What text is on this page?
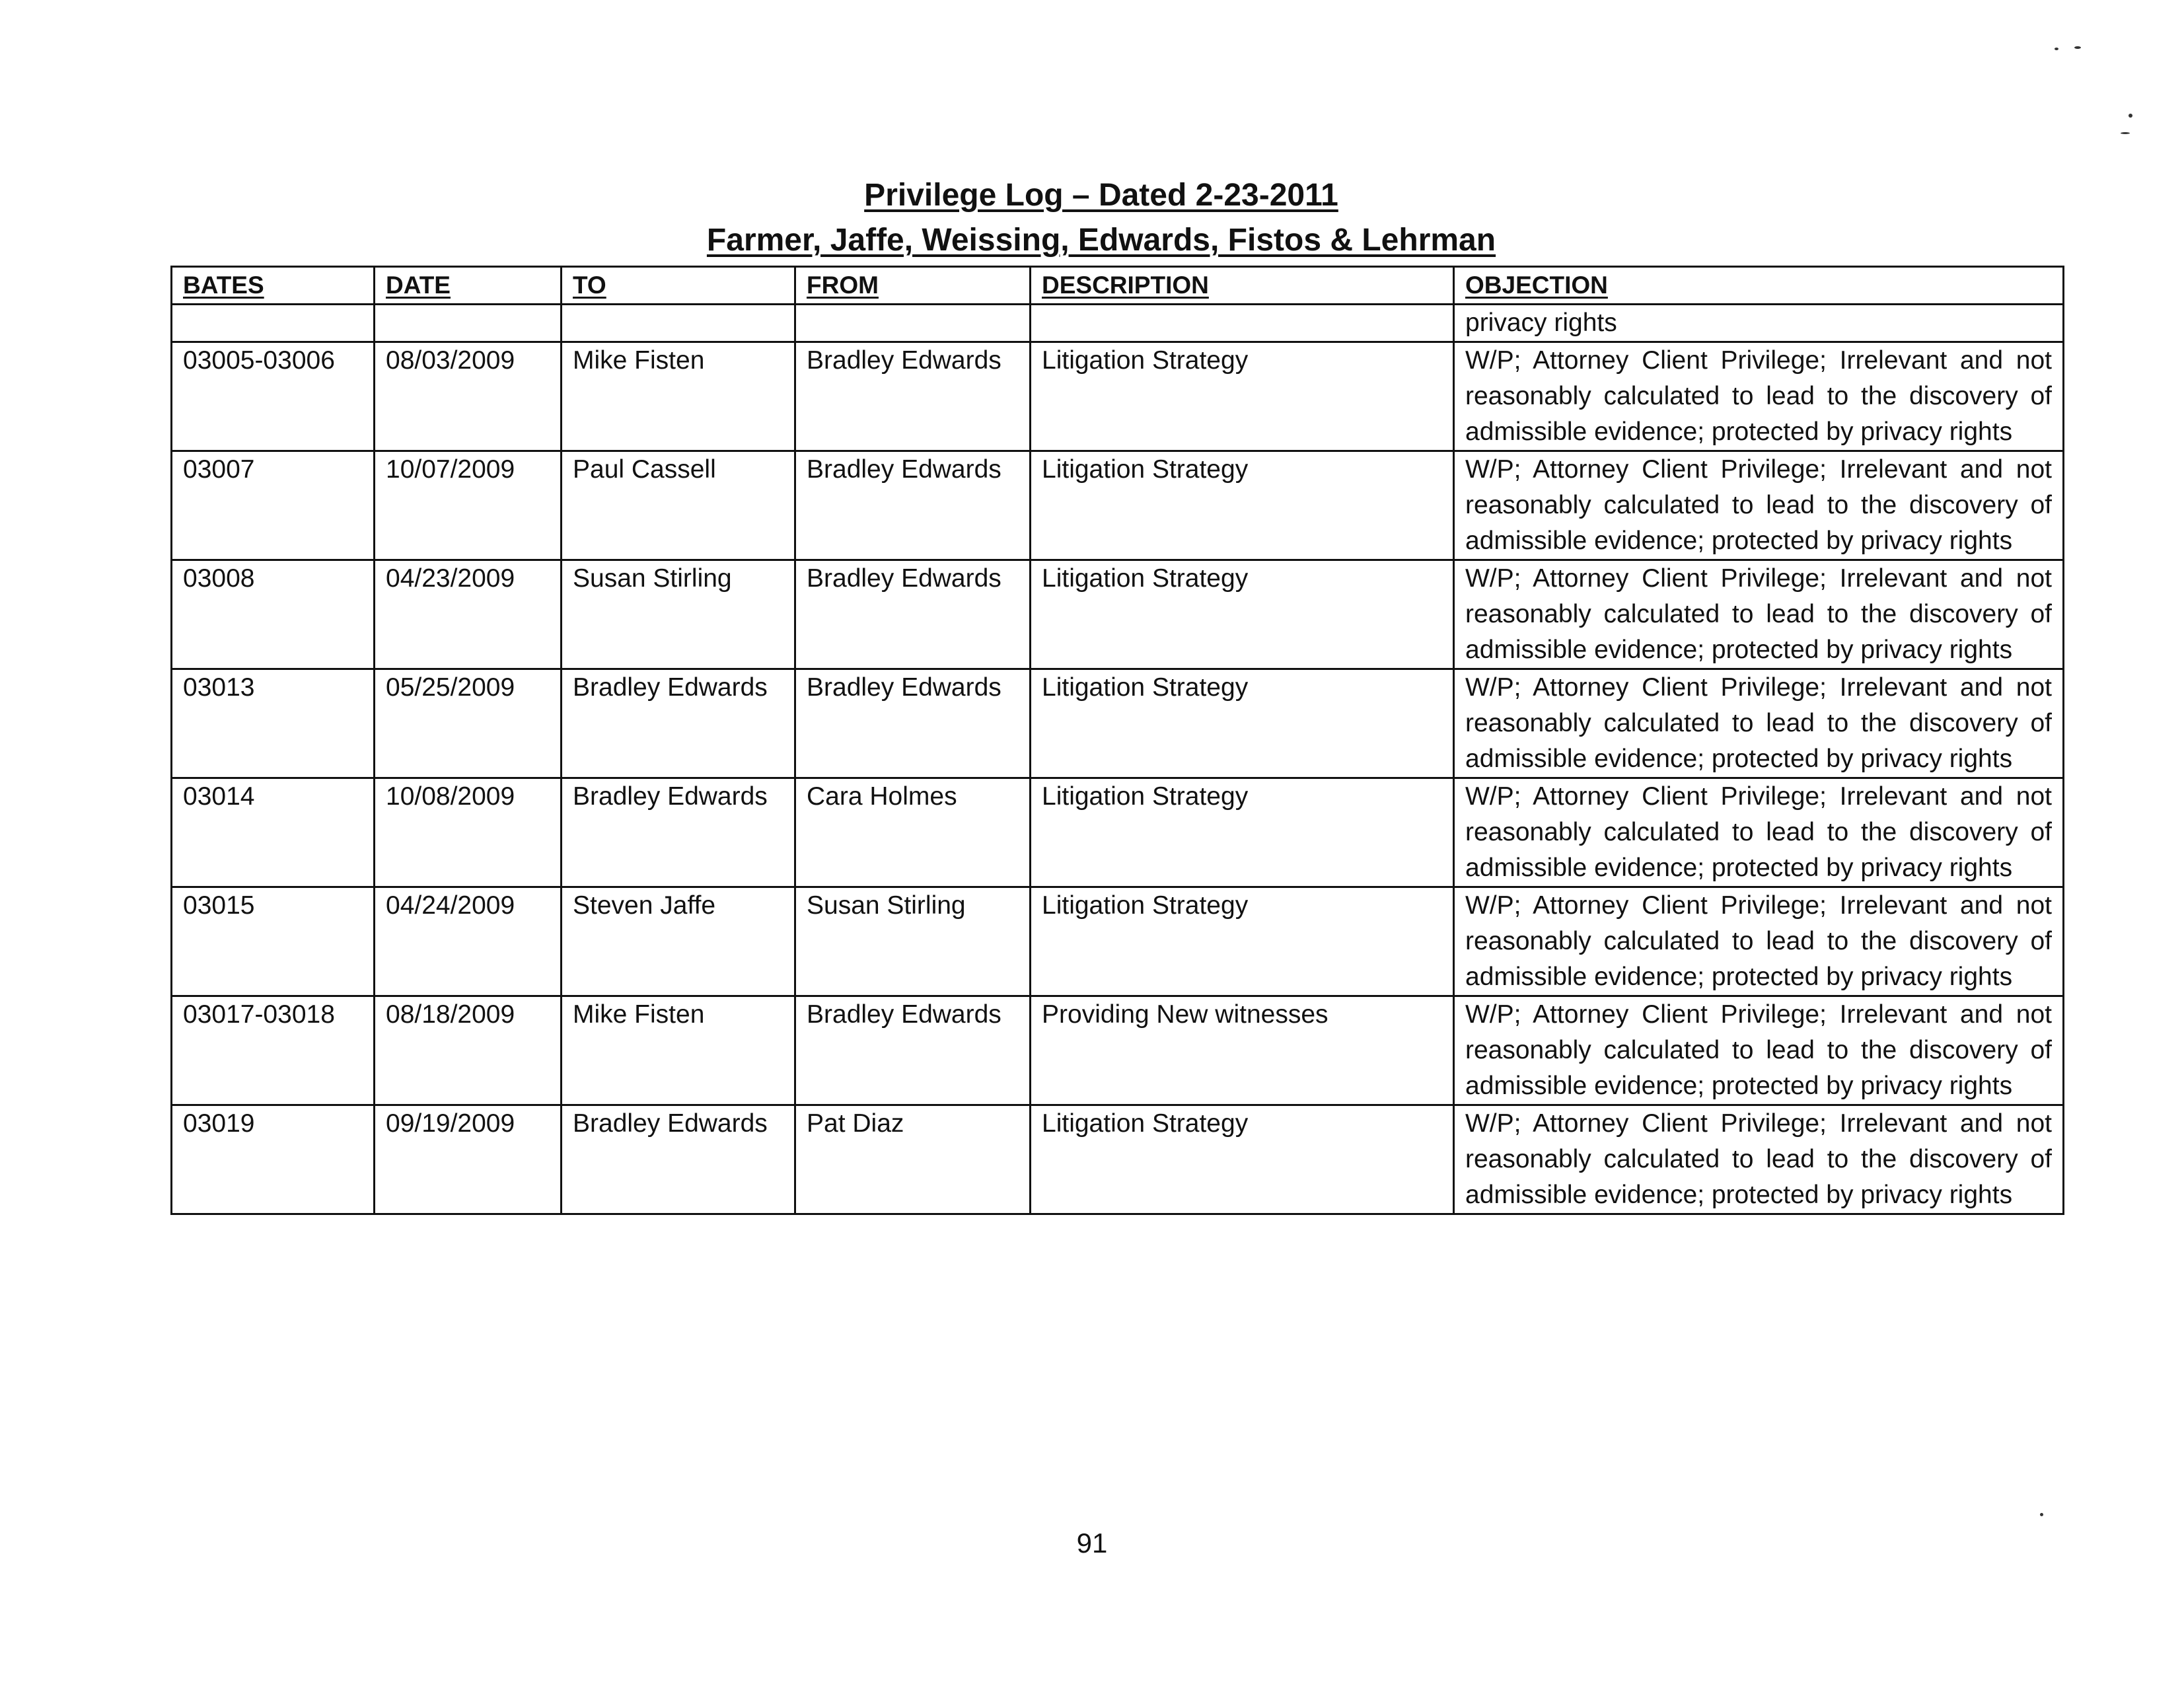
Privilege Log – Dated 2-23-2011
Farmer, Jaffe, Weissing, Edwards, Fistos & Lehrman
BATES	DATE	TO	FROM	DESCRIPTION	OBJECTION
					privacy rights
03005-03006	08/03/2009	Mike Fisten	Bradley Edwards	Litigation Strategy	W/P; Attorney Client Privilege; Irrelevant and not reasonably calculated to lead to the discovery of admissible evidence; protected by privacy rights
03007	10/07/2009	Paul Cassell	Bradley Edwards	Litigation Strategy	W/P; Attorney Client Privilege; Irrelevant and not reasonably calculated to lead to the discovery of admissible evidence; protected by privacy rights
03008	04/23/2009	Susan Stirling	Bradley Edwards	Litigation Strategy	W/P; Attorney Client Privilege; Irrelevant and not reasonably calculated to lead to the discovery of admissible evidence; protected by privacy rights
03013	05/25/2009	Bradley Edwards	Bradley Edwards	Litigation Strategy	W/P; Attorney Client Privilege; Irrelevant and not reasonably calculated to lead to the discovery of admissible evidence; protected by privacy rights
03014	10/08/2009	Bradley Edwards	Cara Holmes	Litigation Strategy	W/P; Attorney Client Privilege; Irrelevant and not reasonably calculated to lead to the discovery of admissible evidence; protected by privacy rights
03015	04/24/2009	Steven Jaffe	Susan Stirling	Litigation Strategy	W/P; Attorney Client Privilege; Irrelevant and not reasonably calculated to lead to the discovery of admissible evidence; protected by privacy rights
03017-03018	08/18/2009	Mike Fisten	Bradley Edwards	Providing New witnesses	W/P; Attorney Client Privilege; Irrelevant and not reasonably calculated to lead to the discovery of admissible evidence; protected by privacy rights
03019	09/19/2009	Bradley Edwards	Pat Diaz	Litigation Strategy	W/P; Attorney Client Privilege; Irrelevant and not reasonably calculated to lead to the discovery of admissible evidence; protected by privacy rights
91
